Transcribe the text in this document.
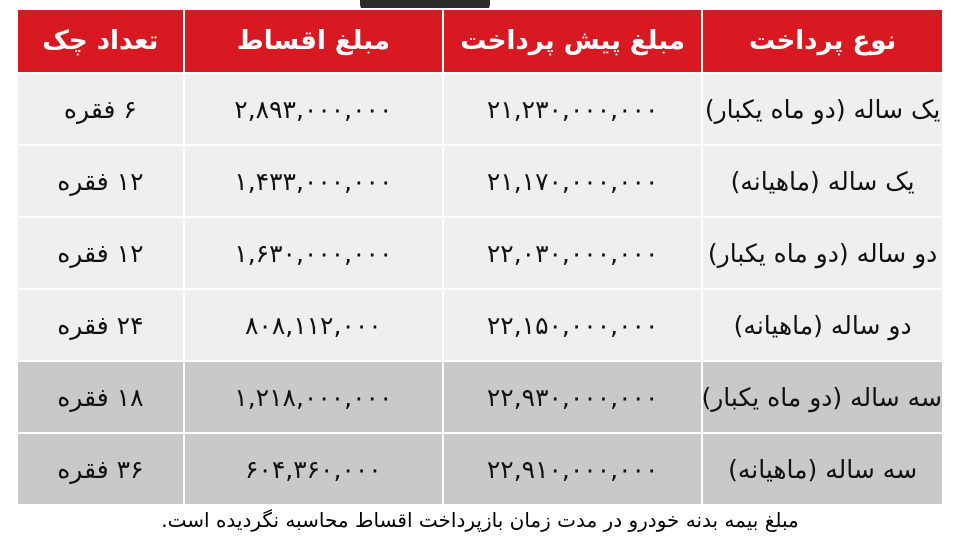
نوع پرداخت	مبلغ پیش پرداخت	مبلغ اقساط	تعداد چک
یک ساله (دو ماه یکبار)	۲۱,۲۳۰,۰۰۰,۰۰۰	۲,۸۹۳,۰۰۰,۰۰۰	۶ فقره
یک ساله (ماهیانه)	۲۱,۱۷۰,۰۰۰,۰۰۰	۱,۴۳۳,۰۰۰,۰۰۰	۱۲ فقره
دو ساله (دو ماه یکبار)	۲۲,۰۳۰,۰۰۰,۰۰۰	۱,۶۳۰,۰۰۰,۰۰۰	۱۲ فقره
دو ساله (ماهیانه)	۲۲,۱۵۰,۰۰۰,۰۰۰	۸۰۸,۱۱۲,۰۰۰	۲۴ فقره
سه ساله (دو ماه یکبار)	۲۲,۹۳۰,۰۰۰,۰۰۰	۱,۲۱۸,۰۰۰,۰۰۰	۱۸ فقره
سه ساله (ماهیانه)	۲۲,۹۱۰,۰۰۰,۰۰۰	۶۰۴,۳۶۰,۰۰۰	۳۶ فقره
مبلغ بیمه بدنه خودرو در مدت زمان بازپرداخت اقساط محاسبه نگردیده است.
